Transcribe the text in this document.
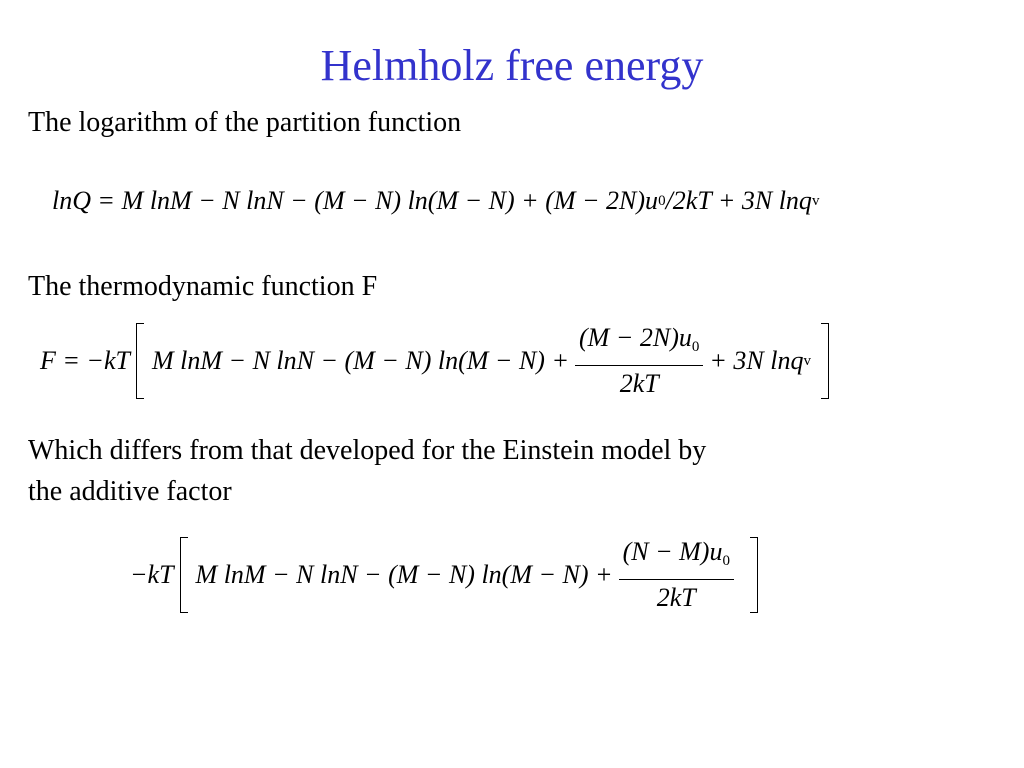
Helmholz free energy
The logarithm of the partition function
lnQ = M lnM − N lnN − (M − N) ln(M − N) + (M − 2N)u 0 /2kT + 3N lnq v
The thermodynamic function F
F = −kT M lnM − N lnN − (M − N) $\ln(M - N) + \frac{(M - 2N)u_0}{2kT} + 3N$ lnq v
Which differs from that developed for the Einstein model by
the additive factor
−kT M lnM − N lnN − (M − N) $\ln(M - N) + \frac{(N - M)u_0}{2kT}$
